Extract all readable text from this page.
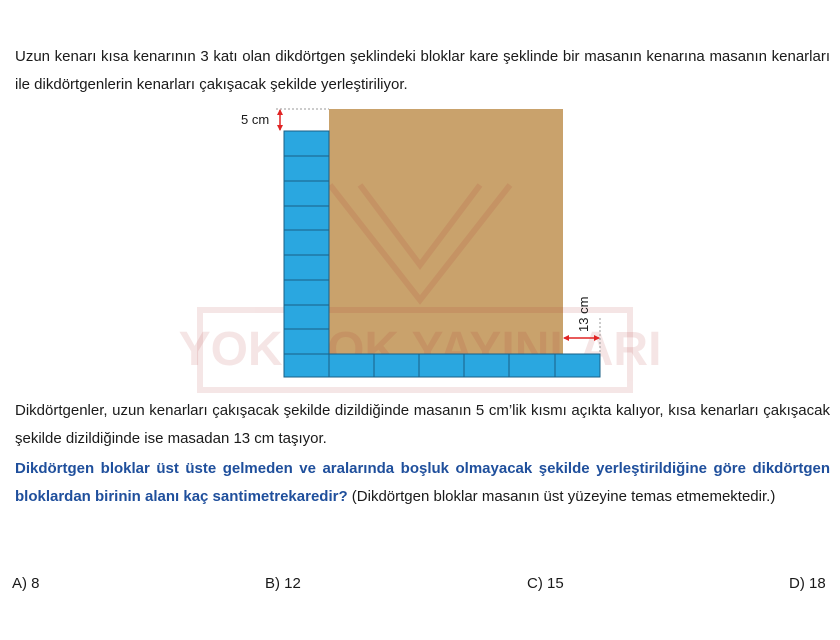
Uzun kenarı kısa kenarının 3 katı olan dikdörtgen şeklindeki bloklar kare şeklinde bir masanın kenarına masanın kenarları ile dikdörtgenlerin kenarları çakışacak şekilde yerleştiriliyor.

YOK YOK YAYINLARI
5 cm
13 cm

Dikdörtgenler, uzun kenarları çakışacak şekilde dizildiğinde masanın 5 cm’lik kısmı açıkta kalıyor, kısa kenarları çakışacak şekilde dizildiğinde ise masadan 13 cm taşıyor.

Dikdörtgen bloklar üst üste gelmeden ve aralarında boşluk olmayacak şekilde yerleştirildiğine göre dikdörtgen bloklardan birinin alanı kaç santimetrekaredir? (Dikdörtgen bloklar masanın üst yüzeyine temas etmemektedir.)

A) 8	B) 12	C) 15	D) 18
